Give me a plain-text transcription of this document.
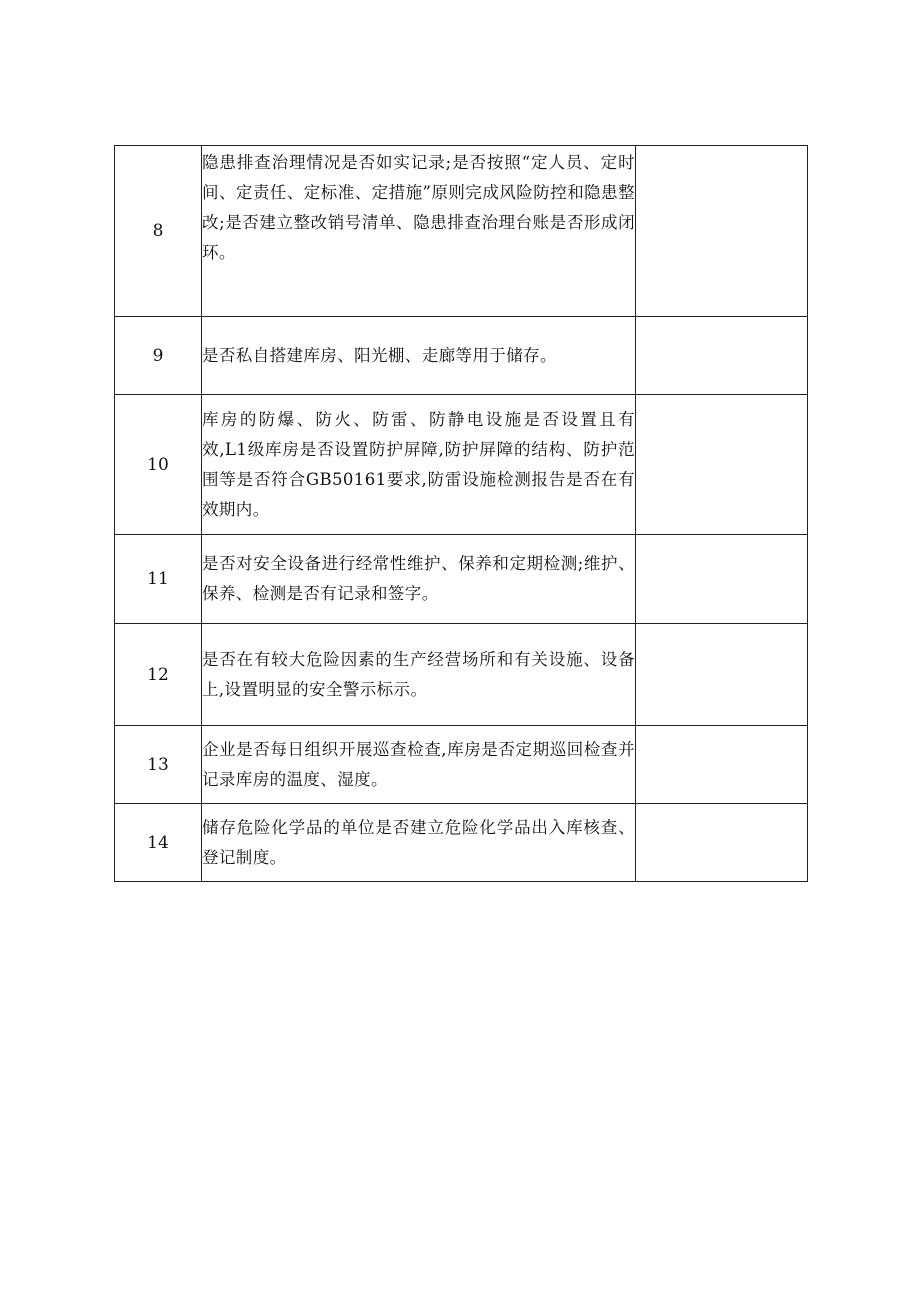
8	隐患排查治理情况是否如实记录;是否按照“定人员、定时间、定责任、定标准、定措施”原则完成风险防控和隐患整改;是否建立整改销号清单、隐患排查治理台账是否形成闭环。	
9	是否私自搭建库房、阳光棚、走廊等用于储存。	
10	库房的防爆、防火、防雷、防静电设施是否设置且有效,L1级库房是否设置防护屏障,防护屏障的结构、防护范围等是否符合GB50161要求,防雷设施检测报告是否在有效期内。	
11	是否对安全设备进行经常性维护、保养和定期检测;维护、保养、检测是否有记录和签字。	
12	是否在有较大危险因素的生产经营场所和有关设施、设备上,设置明显的安全警示标示。	
13	企业是否每日组织开展巡查检查,库房是否定期巡回检查并记录库房的温度、湿度。	
14	储存危险化学品的单位是否建立危险化学品出入库核查、登记制度。	
